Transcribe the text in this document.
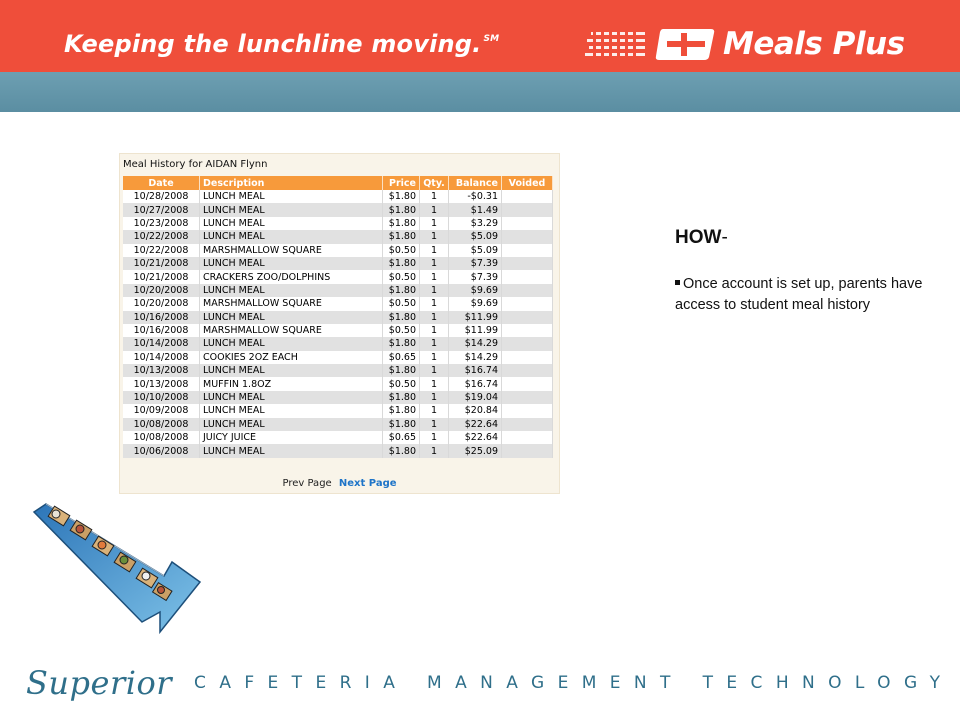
Keeping the lunchline moving. ℠	Meals Plus
Meal History for AIDAN Flynn
Date	Description	Price	Qty.	Balance	Voided
10/28/2008	LUNCH MEAL	$1.80	1	-$0.31	
10/27/2008	LUNCH MEAL	$1.80	1	$1.49	
10/23/2008	LUNCH MEAL	$1.80	1	$3.29	
10/22/2008	LUNCH MEAL	$1.80	1	$5.09	
10/22/2008	MARSHMALLOW SQUARE	$0.50	1	$5.09	
10/21/2008	LUNCH MEAL	$1.80	1	$7.39	
10/21/2008	CRACKERS ZOO/DOLPHINS	$0.50	1	$7.39	
10/20/2008	LUNCH MEAL	$1.80	1	$9.69	
10/20/2008	MARSHMALLOW SQUARE	$0.50	1	$9.69	
10/16/2008	LUNCH MEAL	$1.80	1	$11.99	
10/16/2008	MARSHMALLOW SQUARE	$0.50	1	$11.99	
10/14/2008	LUNCH MEAL	$1.80	1	$14.29	
10/14/2008	COOKIES 2OZ EACH	$0.65	1	$14.29	
10/13/2008	LUNCH MEAL	$1.80	1	$16.74	
10/13/2008	MUFFIN 1.8OZ	$0.50	1	$16.74	
10/10/2008	LUNCH MEAL	$1.80	1	$19.04	
10/09/2008	LUNCH MEAL	$1.80	1	$20.84	
10/08/2008	LUNCH MEAL	$1.80	1	$22.64	
10/08/2008	JUICY JUICE	$0.65	1	$22.64	
10/06/2008	LUNCH MEAL	$1.80	1	$25.09	
Prev Page Next Page
HOW-
Once account is set up, parents have access to student meal history
Superior CAFETERIA MANAGEMENT TECHNOLOGY
